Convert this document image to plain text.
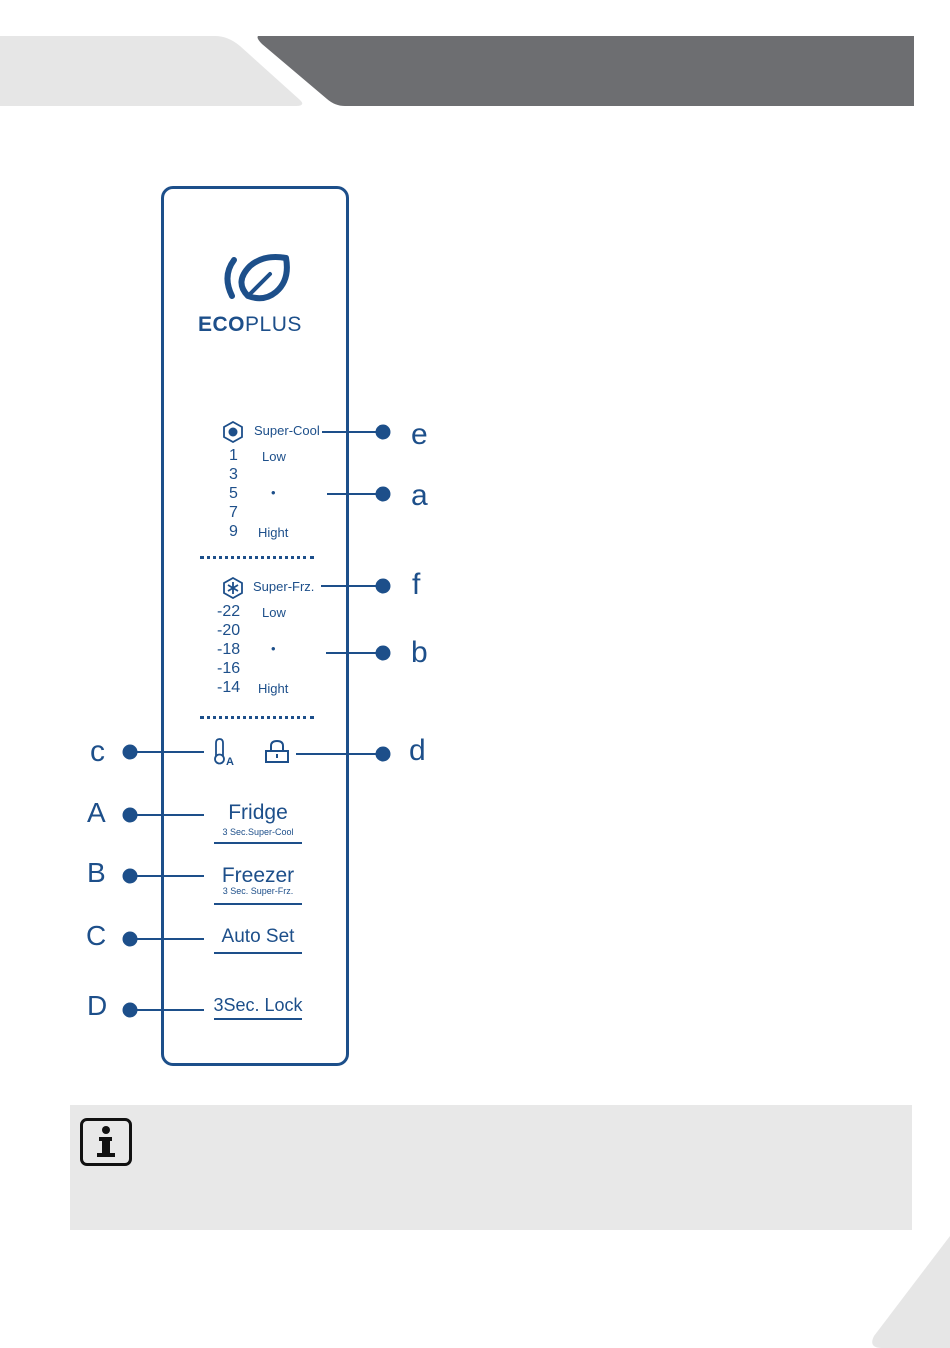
ECOPLUS
Super-Cool
1 Low
3
5	•
7
9 Hight
Super-Frz.
-22 Low
-20
-18 •
-16
-14 Hight
A
Fridge
3 Sec.Super-Cool
Freezer
3 Sec. Super-Frz.
Auto Set
3Sec. Lock
e
a
f
b
c	d
A
B
C
D
